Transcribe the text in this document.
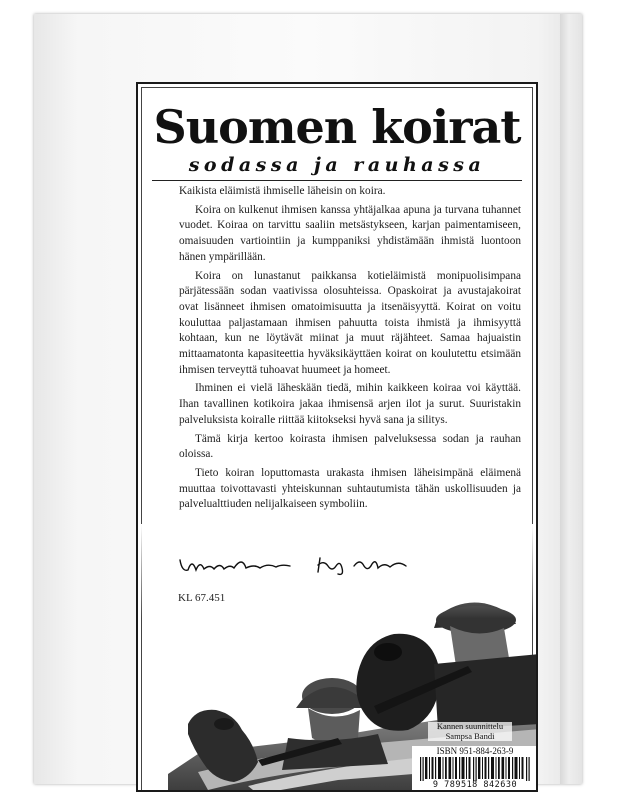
Suomen koirat
sodassa ja rauhassa

Kaikista eläimistä ihmiselle läheisin on koira.

Koira on kulkenut ihmisen kanssa yhtäjalkaa apuna ja turvana tuhannet vuodet. Koiraa on tarvittu saaliin metsästykseen, karjan paimentamiseen, omaisuuden vartiointiin ja kumppaniksi yhdistämään ihmistä luontoon hänen ympärillään.

Koira on lunastanut paikkansa kotieläimistä monipuolisimpana pärjätessään sodan vaativissa olosuhteissa. Opaskoirat ja avustajakoirat ovat lisänneet ihmisen omatoimisuutta ja itsenäisyyttä. Koirat on voitu kouluttaa paljastamaan ihmisen pahuutta toista ihmistä ja ihmisyyttä kohtaan, kun ne löytävät miinat ja muut räjähteet. Samaa hajuaistin mittaamatonta kapasiteettia hyväksikäyttäen koirat on koulutettu etsimään ihmisen terveyttä tuhoavat huumeet ja homeet.

Ihminen ei vielä läheskään tiedä, mihin kaikkeen koiraa voi käyttää. Ihan tavallinen kotikoira jakaa ihmisensä arjen ilot ja surut. Suuristakin palveluksista koiralle riittää kiitokseksi hyvä sana ja silitys.

Tämä kirja kertoo koirasta ihmisen palveluksessa sodan ja rauhan oloissa.

Tieto koiran loputtomasta urakasta ihmisen läheisimpänä eläimenä muuttaa toivottavasti yhteiskunnan suhtautumista tähän uskollisuuden ja palvelualttiuden nelijalkaiseen symboliin.

KL 67.451
Kannen suunnittelu
Sampsa Bandi
ISBN 951-884-263-9
9 789518 842630
